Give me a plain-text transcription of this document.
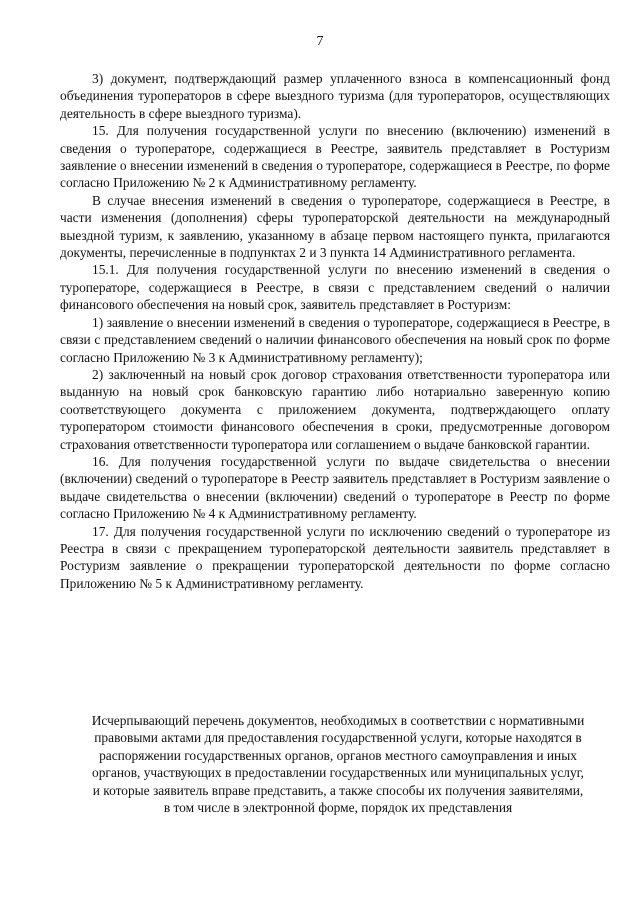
7

3) документ, подтверждающий размер уплаченного взноса в компенсационный фонд объединения туроператоров в сфере выездного туризма (для туроператоров, осуществляющих деятельность в сфере выездного туризма).

15. Для получения государственной услуги по внесению (включению) изменений в сведения о туроператоре, содержащиеся в Реестре, заявитель представляет в Ростуризм заявление о внесении изменений в сведения о туроператоре, содержащиеся в Реестре, по форме согласно Приложению № 2 к Административному регламенту.

В случае внесения изменений в сведения о туроператоре, содержащиеся в Реестре, в части изменения (дополнения) сферы туроператорской деятельности на международный выездной туризм, к заявлению, указанному в абзаце первом настоящего пункта, прилагаются документы, перечисленные в подпунктах 2 и 3 пункта 14 Административного регламента.

15.1. Для получения государственной услуги по внесению изменений в сведения о туроператоре, содержащиеся в Реестре, в связи с представлением сведений о наличии финансового обеспечения на новый срок, заявитель представляет в Ростуризм:

1) заявление о внесении изменений в сведения о туроператоре, содержащиеся в Реестре, в связи с представлением сведений о наличии финансового обеспечения на новый срок по форме согласно Приложению № 3 к Административному регламенту);

2) заключенный на новый срок договор страхования ответственности туроператора или выданную на новый срок банковскую гарантию либо нотариально заверенную копию соответствующего документа с приложением документа, подтверждающего оплату туроператором стоимости финансового обеспечения в сроки, предусмотренные договором страхования ответственности туроператора или соглашением о выдаче банковской гарантии.

16. Для получения государственной услуги по выдаче свидетельства о внесении (включении) сведений о туроператоре в Реестр заявитель представляет в Ростуризм заявление о выдаче свидетельства о внесении (включении) сведений о туроператоре в Реестр по форме согласно Приложению № 4 к Административному регламенту.

17. Для получения государственной услуги по исключению сведений о туроператоре из Реестра в связи с прекращением туроператорской деятельности заявитель представляет в Ростуризм заявление о прекращении туроператорской деятельности по форме согласно Приложению № 5 к Административному регламенту.

Исчерпывающий перечень документов, необходимых в соответствии с нормативными правовыми актами для предоставления государственной услуги, которые находятся в распоряжении государственных органов, органов местного самоуправления и иных органов, участвующих в предоставлении государственных или муниципальных услуг, и которые заявитель вправе представить, а также способы их получения заявителями, в том числе в электронной форме, порядок их представления
